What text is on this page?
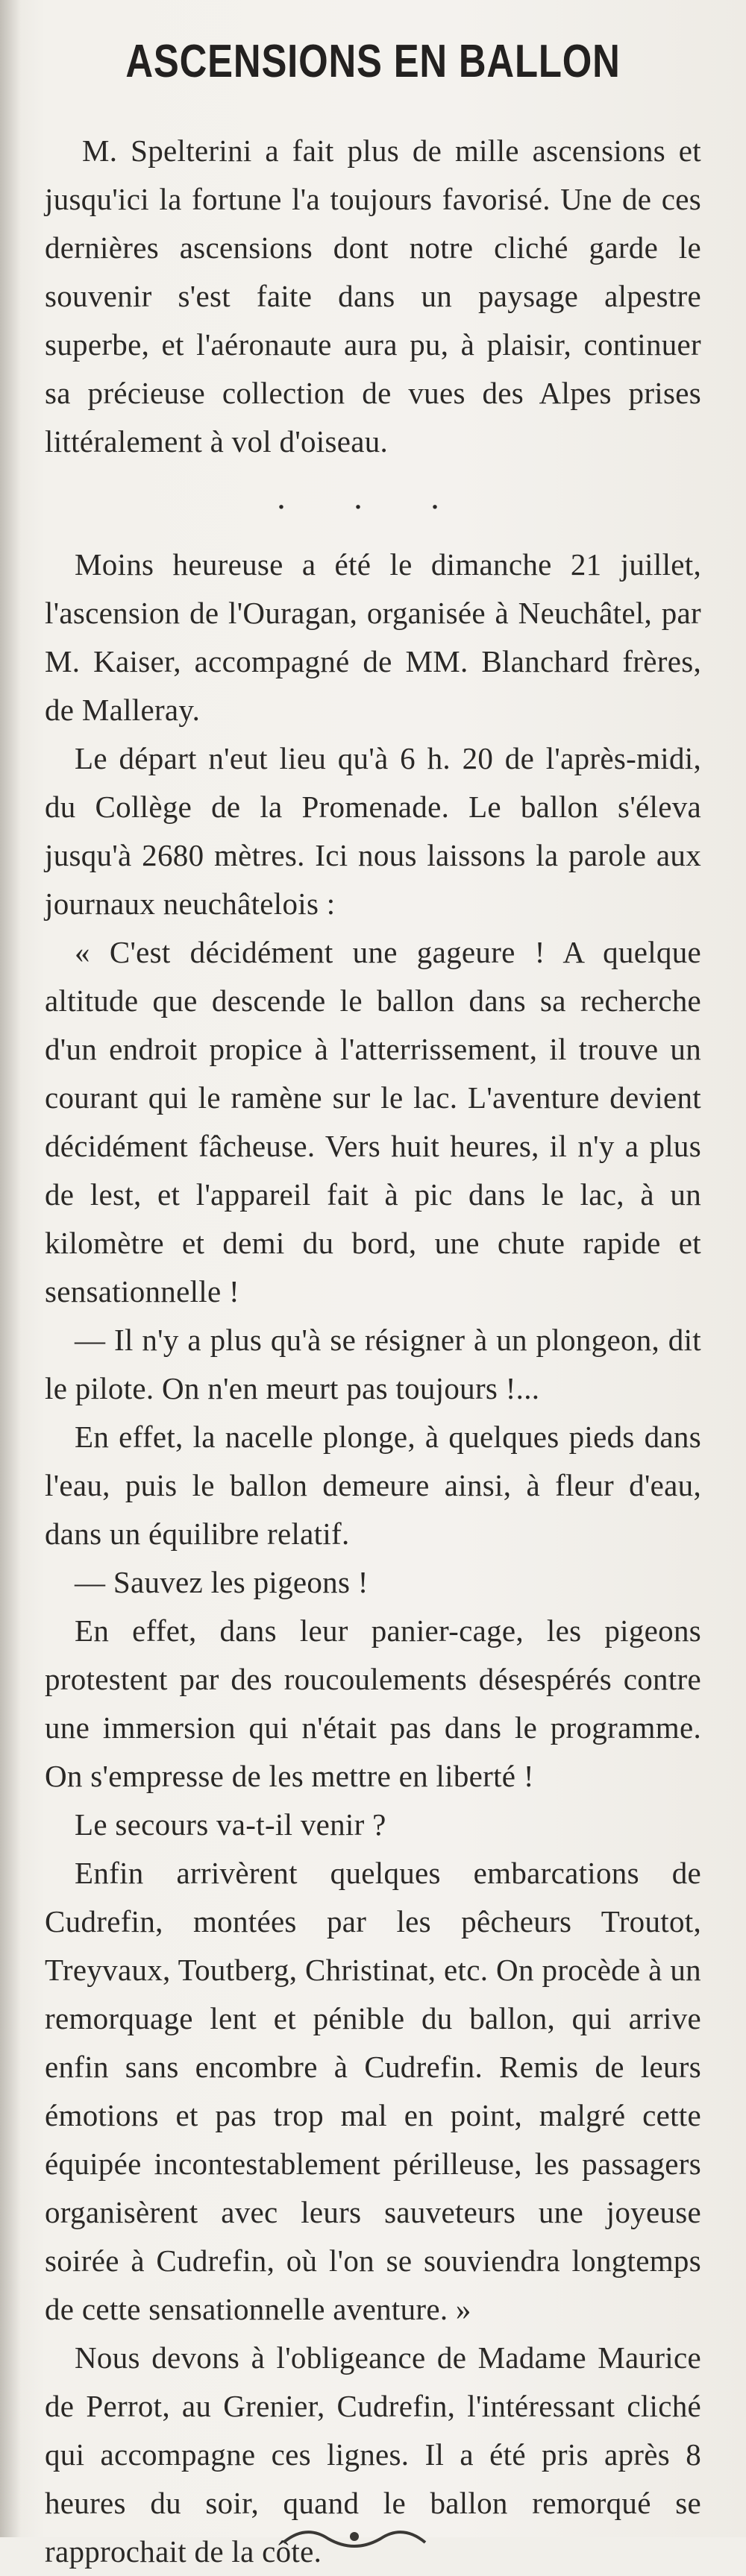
ASCENSIONS EN BALLON

M. Spelterini a fait plus de mille ascensions et jusqu'ici la fortune l'a toujours favorisé. Une de ces dernières ascensions dont notre cliché garde le souvenir s'est faite dans un paysage alpestre superbe, et l'aéronaute aura pu, à plaisir, continuer sa précieuse collection de vues des Alpes prises littéralement à vol d'oiseau.

. . .

Moins heureuse a été le dimanche 21 juillet, l'ascension de l'Ouragan, organisée à Neuchâtel, par M. Kaiser, accompagné de MM. Blanchard frères, de Malleray.

Le départ n'eut lieu qu'à 6 h. 20 de l'après-midi, du Collège de la Promenade. Le ballon s'éleva jusqu'à 2680 mètres. Ici nous laissons la parole aux journaux neuchâtelois :

« C'est décidément une gageure ! A quelque altitude que descende le ballon dans sa recherche d'un endroit propice à l'atterrissement, il trouve un courant qui le ramène sur le lac. L'aventure devient décidément fâcheuse. Vers huit heures, il n'y a plus de lest, et l'appareil fait à pic dans le lac, à un kilomètre et demi du bord, une chute rapide et sensationnelle !

— Il n'y a plus qu'à se résigner à un plongeon, dit le pilote. On n'en meurt pas toujours !...

En effet, la nacelle plonge, à quelques pieds dans l'eau, puis le ballon demeure ainsi, à fleur d'eau, dans un équilibre relatif.

— Sauvez les pigeons !

En effet, dans leur panier-cage, les pigeons protestent par des roucoulements désespérés contre une immersion qui n'était pas dans le programme. On s'empresse de les mettre en liberté !

Le secours va-t-il venir ?

Enfin arrivèrent quelques embarcations de Cudrefin, montées par les pêcheurs Troutot, Treyvaux, Toutberg, Christinat, etc. On procède à un remorquage lent et pénible du ballon, qui arrive enfin sans encombre à Cudrefin. Remis de leurs émotions et pas trop mal en point, malgré cette équipée incontestablement périlleuse, les passagers organisèrent avec leurs sauveteurs une joyeuse soirée à Cudrefin, où l'on se souviendra longtemps de cette sensationnelle aventure. »

Nous devons à l'obligeance de Madame Maurice de Perrot, au Grenier, Cudrefin, l'intéressant cliché qui accompagne ces lignes. Il a été pris après 8 heures du soir, quand le ballon remorqué se rapprochait de la côte.
